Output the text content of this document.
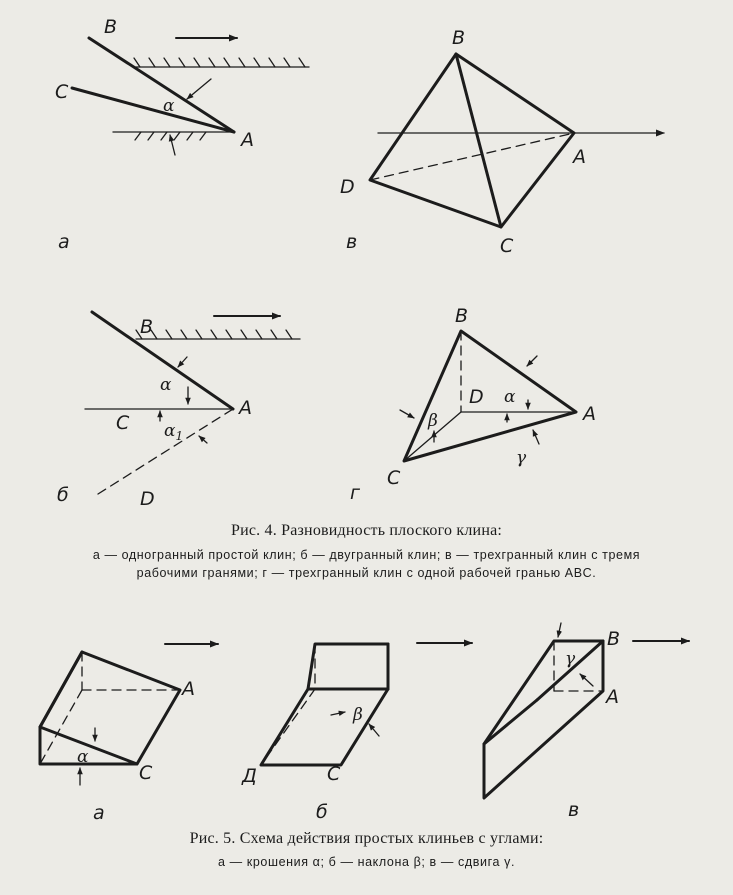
B
C
A
α
а
B
A
D
C
в
B
C
A
D
α
$\alpha_1$
б
B
D
A
C
α
β
γ
г
A
C
α
а
Д	C
β
б
B
A
γ
в

Рис. 4. Разновидность плоского клина:

а — одногранный простой клин; б — двугранный клин; в — трехгранный клин с тремя

рабочими гранями; г — трехгранный клин с одной рабочей гранью ABC.

Рис. 5. Схема действия простых клиньев с углами:

а — крошения α; б — наклона β; в — сдвига γ.
